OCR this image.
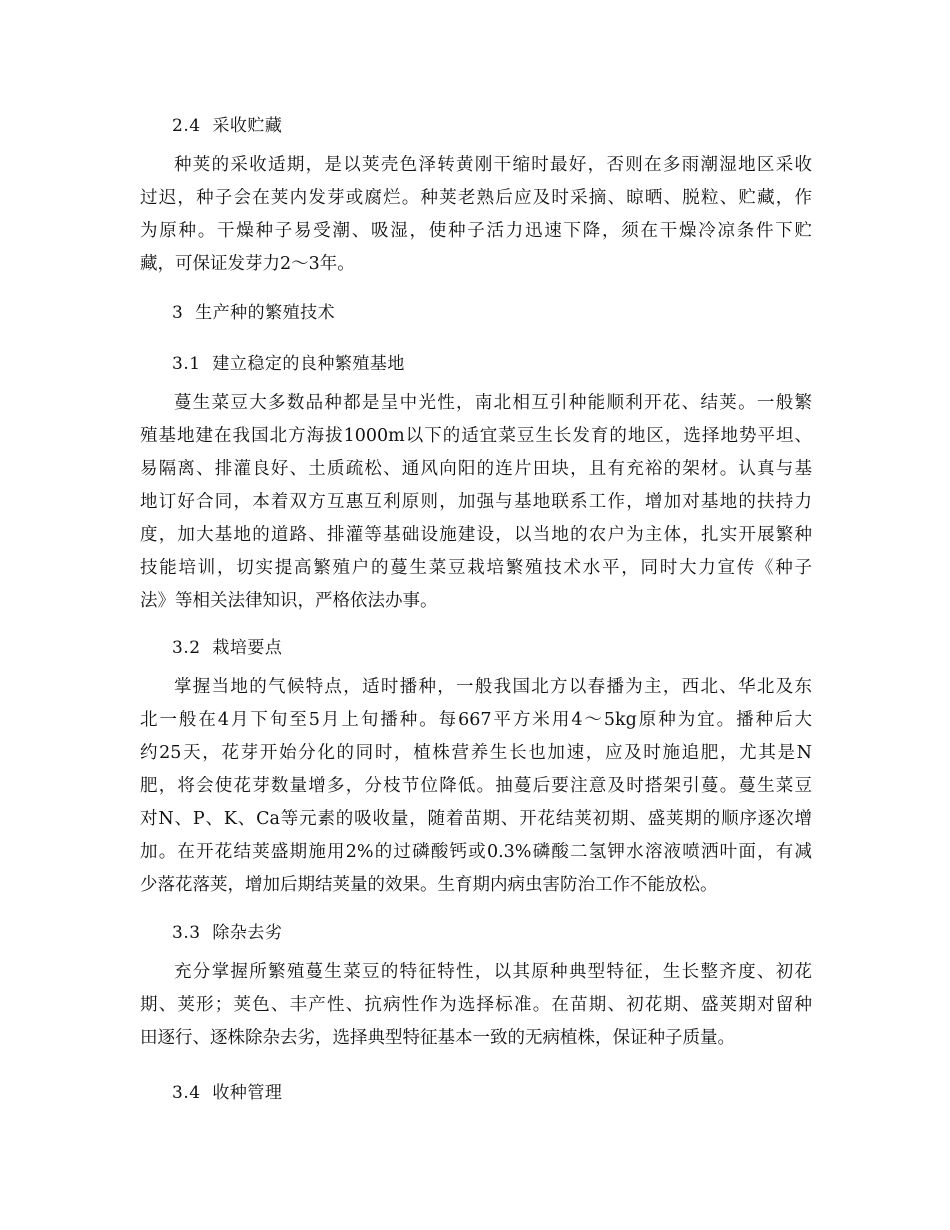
2.4  采收贮藏
种荚的采收适期，是以荚壳色泽转黄刚干缩时最好，否则在多雨潮湿地区采收
过迟，种子会在荚内发芽或腐烂。种荚老熟后应及时采摘、晾晒、脱粒、贮藏，作
为原种。干燥种子易受潮、吸湿，使种子活力迅速下降，须在干燥冷凉条件下贮
藏，可保证发芽力2～3年。
3  生产种的繁殖技术
3.1  建立稳定的良种繁殖基地
蔓生菜豆大多数品种都是呈中光性，南北相互引种能顺利开花、结荚。一般繁
殖基地建在我国北方海拔1000m以下的适宜菜豆生长发育的地区，选择地势平坦、
易隔离、排灌良好、土质疏松、通风向阳的连片田块，且有充裕的架材。认真与基
地订好合同，本着双方互惠互利原则，加强与基地联系工作，增加对基地的扶持力
度，加大基地的道路、排灌等基础设施建设，以当地的农户为主体，扎实开展繁种
技能培训，切实提高繁殖户的蔓生菜豆栽培繁殖技术水平，同时大力宣传《种子
法》等相关法律知识，严格依法办事。
3.2  栽培要点
掌握当地的气候特点，适时播种，一般我国北方以春播为主，西北、华北及东
北一般在4月下旬至5月上旬播种。每667平方米用4～5kg原种为宜。播种后大
约25天，花芽开始分化的同时，植株营养生长也加速，应及时施追肥，尤其是N
肥，将会使花芽数量增多，分枝节位降低。抽蔓后要注意及时搭架引蔓。蔓生菜豆
对N、P、K、Ca等元素的吸收量，随着苗期、开花结荚初期、盛荚期的顺序逐次增
加。在开花结荚盛期施用2%的过磷酸钙或0.3%磷酸二氢钾水溶液喷洒叶面，有减
少落花落荚，增加后期结荚量的效果。生育期内病虫害防治工作不能放松。
3.3  除杂去劣
充分掌握所繁殖蔓生菜豆的特征特性，以其原种典型特征，生长整齐度、初花
期、荚形；荚色、丰产性、抗病性作为选择标准。在苗期、初花期、盛荚期对留种
田逐行、逐株除杂去劣，选择典型特征基本一致的无病植株，保证种子质量。
3.4  收种管理
